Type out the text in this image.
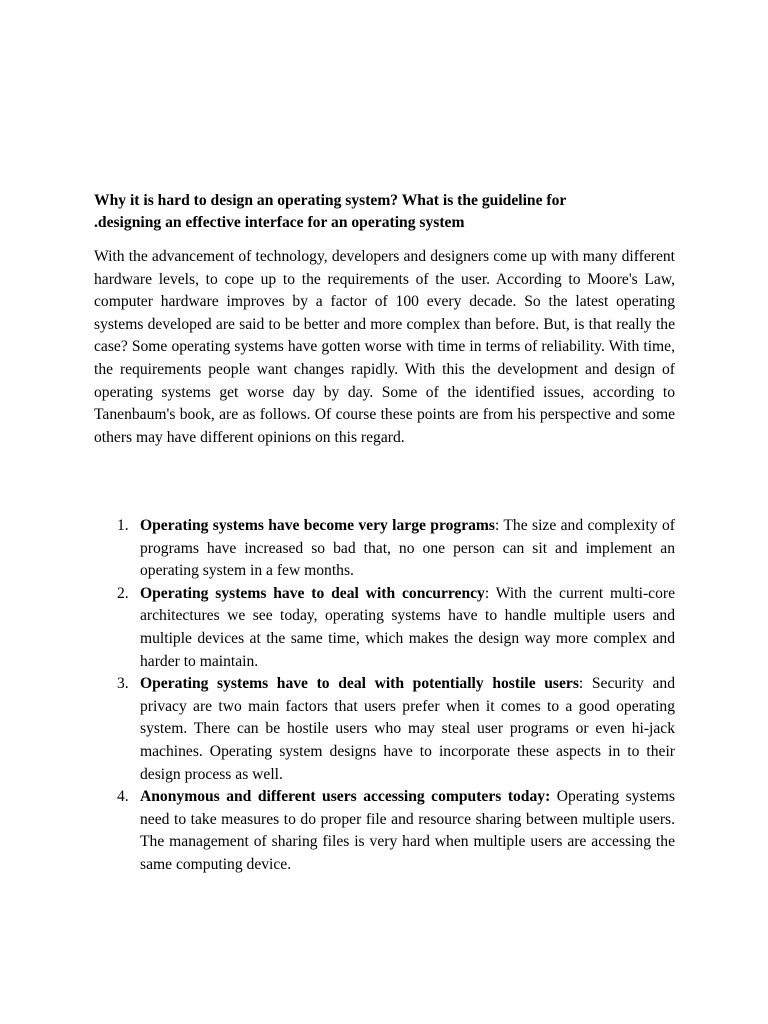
Why it is hard to design an operating system? What is the guideline for
.designing an effective interface for an operating system

With the advancement of technology, developers and designers come up with many different hardware levels, to cope up to the requirements of the user. According to Moore's Law, computer hardware improves by a factor of 100 every decade. So the latest operating systems developed are said to be better and more complex than before. But, is that really the case? Some operating systems have gotten worse with time in terms of reliability. With time, the requirements people want changes rapidly. With this the development and design of operating systems get worse day by day. Some of the identified issues, according to Tanenbaum's book, are as follows. Of course these points are from his perspective and some others may have different opinions on this regard.

1. Operating systems have become very large programs: The size and complexity of programs have increased so bad that, no one person can sit and implement an operating system in a few months.
2. Operating systems have to deal with concurrency: With the current multi-core architectures we see today, operating systems have to handle multiple users and multiple devices at the same time, which makes the design way more complex and harder to maintain.
3. Operating systems have to deal with potentially hostile users: Security and privacy are two main factors that users prefer when it comes to a good operating system. There can be hostile users who may steal user programs or even hi-jack machines. Operating system designs have to incorporate these aspects in to their design process as well.
4. Anonymous and different users accessing computers today: Operating systems need to take measures to do proper file and resource sharing between multiple users. The management of sharing files is very hard when multiple users are accessing the same computing device.
